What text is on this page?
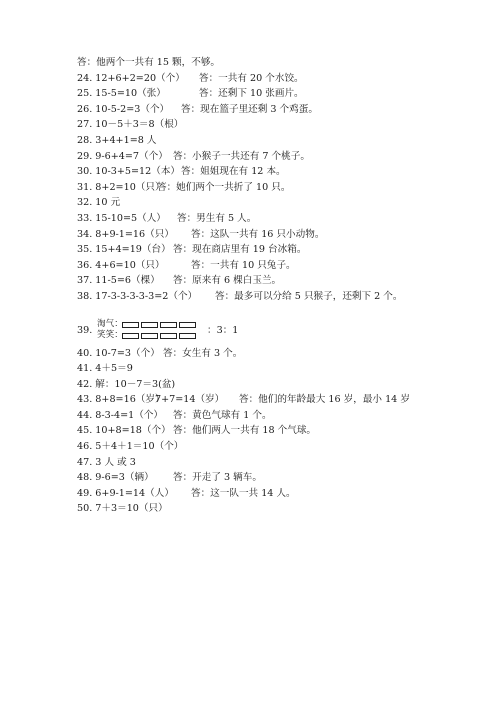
答：他两个一共有 15 颗，不够。
24. 12+6+2=20（个） 答：一共有 20 个水饺。
25. 15-5=10（张）	答：还剩下 10 张画片。
26. 10-5-2=3（个） 答：现在篮子里还剩 3 个鸡蛋。
27. 10－5＋3＝8（根）
28. 3+4+1=8 人
29. 9-6+4=7（个） 答：小猴子一共还有 7 个桃子。
30. 10-3+5=12（本） 答：姐姐现在有 12 本。
31. 8+2=10（只）
答：她们两个一共折了 10 只。
32. 10 元
33. 15-10=5（人） 答：男生有 5 人。
34. 8+9-1=16（只） 答：这队一共有 16 只小动物。
35. 15+4=19（台） 答：现在商店里有 19 台冰箱。
36. 4+6=10（只）	答：一共有 10 只兔子。
37. 11-5=6（棵） 答：原来有 6 棵白玉兰。
38. 17-3-3-3-3-3=2（个） 答：最多可以分给 5 只猴子，还剩下 2 个。
39.
淘气：
笑笑：	：3：1
40. 10-7=3（个） 答：女生有 3 个。
41. 4＋5＝9
42. 解：10－7＝3(盆)
43. 8+8=16（岁）
7+7=14（岁） 答：他们的年龄最大 16 岁，最小 14 岁
44. 8-3-4=1（个） 答：黄色气球有 1 个。
45. 10+8=18（个） 答：他们两人一共有 18 个气球。
46. 5＋4＋1＝10（个）
47. 3 人 或 3
48. 9-6=3（辆） 答：开走了 3 辆车。
49. 6+9-1=14（人） 答：这一队一共 14 人。
50. 7＋3＝10（只）
